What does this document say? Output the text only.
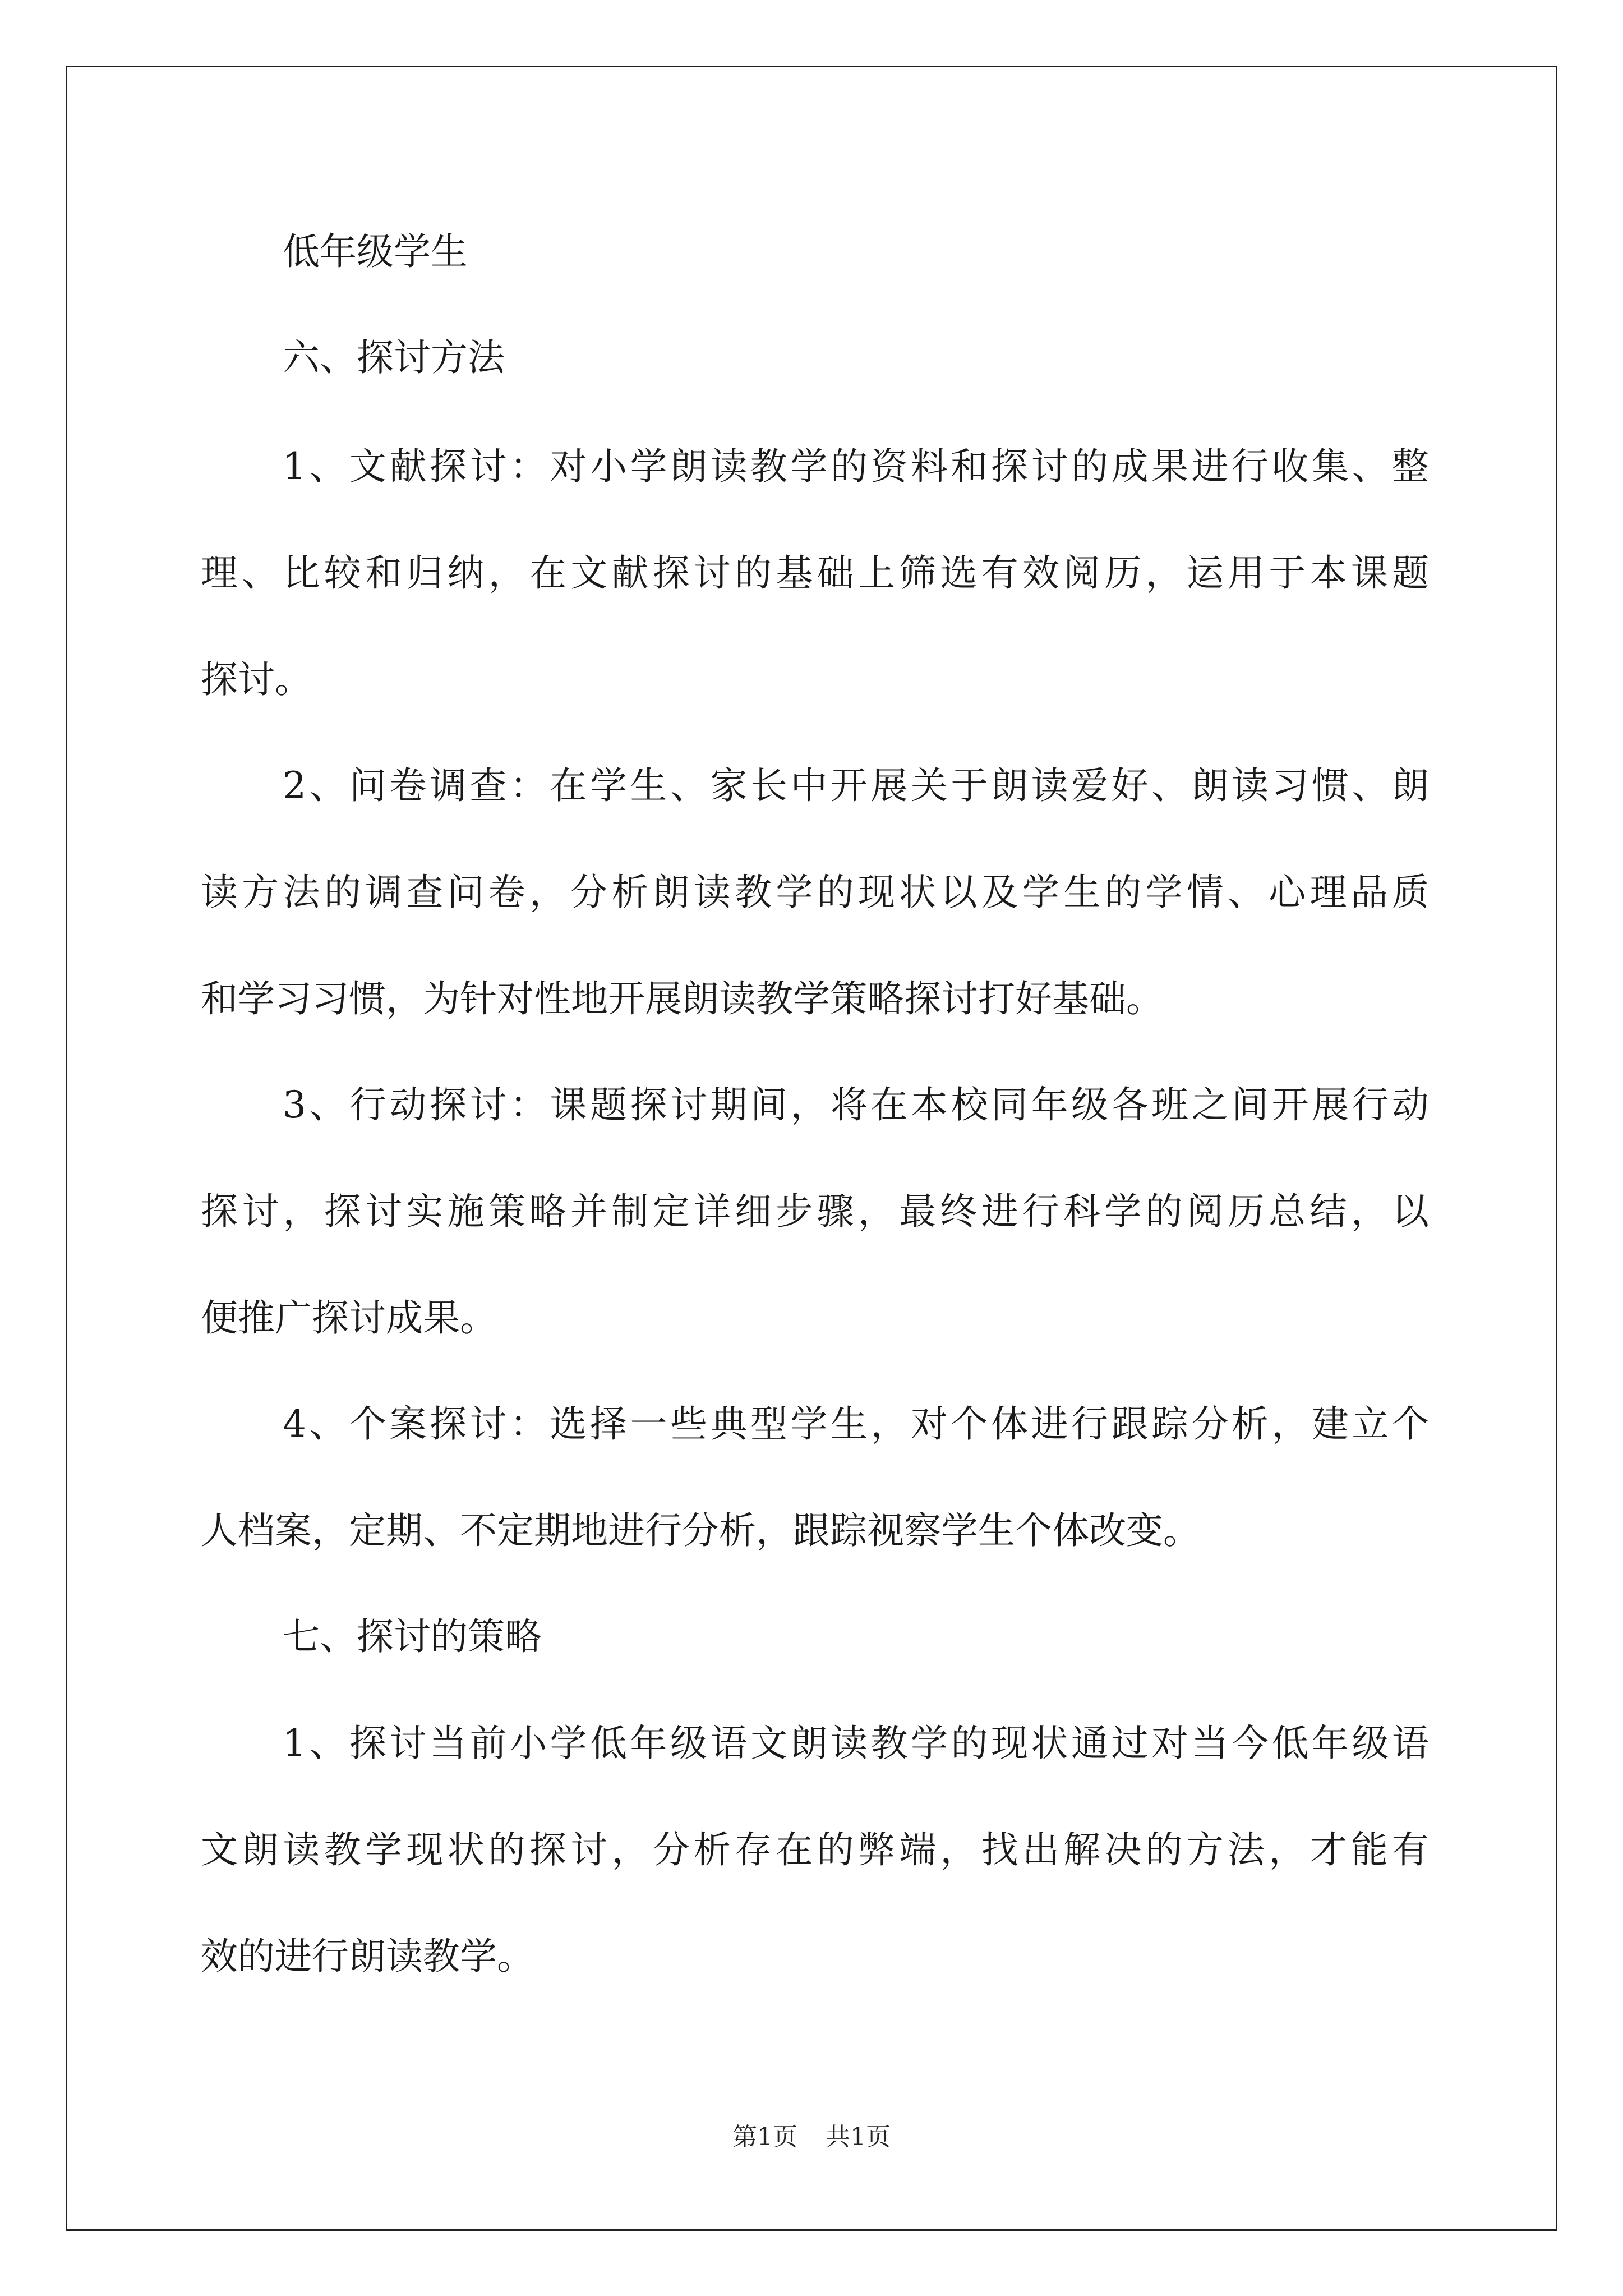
低年级学生
六、探讨方法
1、文献探讨：对小学朗读教学的资料和探讨的成果进行收集、整
理、比较和归纳，在文献探讨的基础上筛选有效阅历，运用于本课题
探讨。
2、问卷调查：在学生、家长中开展关于朗读爱好、朗读习惯、朗
读方法的调查问卷，分析朗读教学的现状以及学生的学情、心理品质
和学习习惯，为针对性地开展朗读教学策略探讨打好基础。
3、行动探讨：课题探讨期间，将在本校同年级各班之间开展行动
探讨，探讨实施策略并制定详细步骤，最终进行科学的阅历总结，以
便推广探讨成果。
4、个案探讨：选择一些典型学生，对个体进行跟踪分析，建立个
人档案，定期、不定期地进行分析，跟踪视察学生个体改变。
七、探讨的策略
1、探讨当前小学低年级语文朗读教学的现状通过对当今低年级语
文朗读教学现状的探讨，分析存在的弊端，找出解决的方法，才能有
效的进行朗读教学。
第1页 共1页
